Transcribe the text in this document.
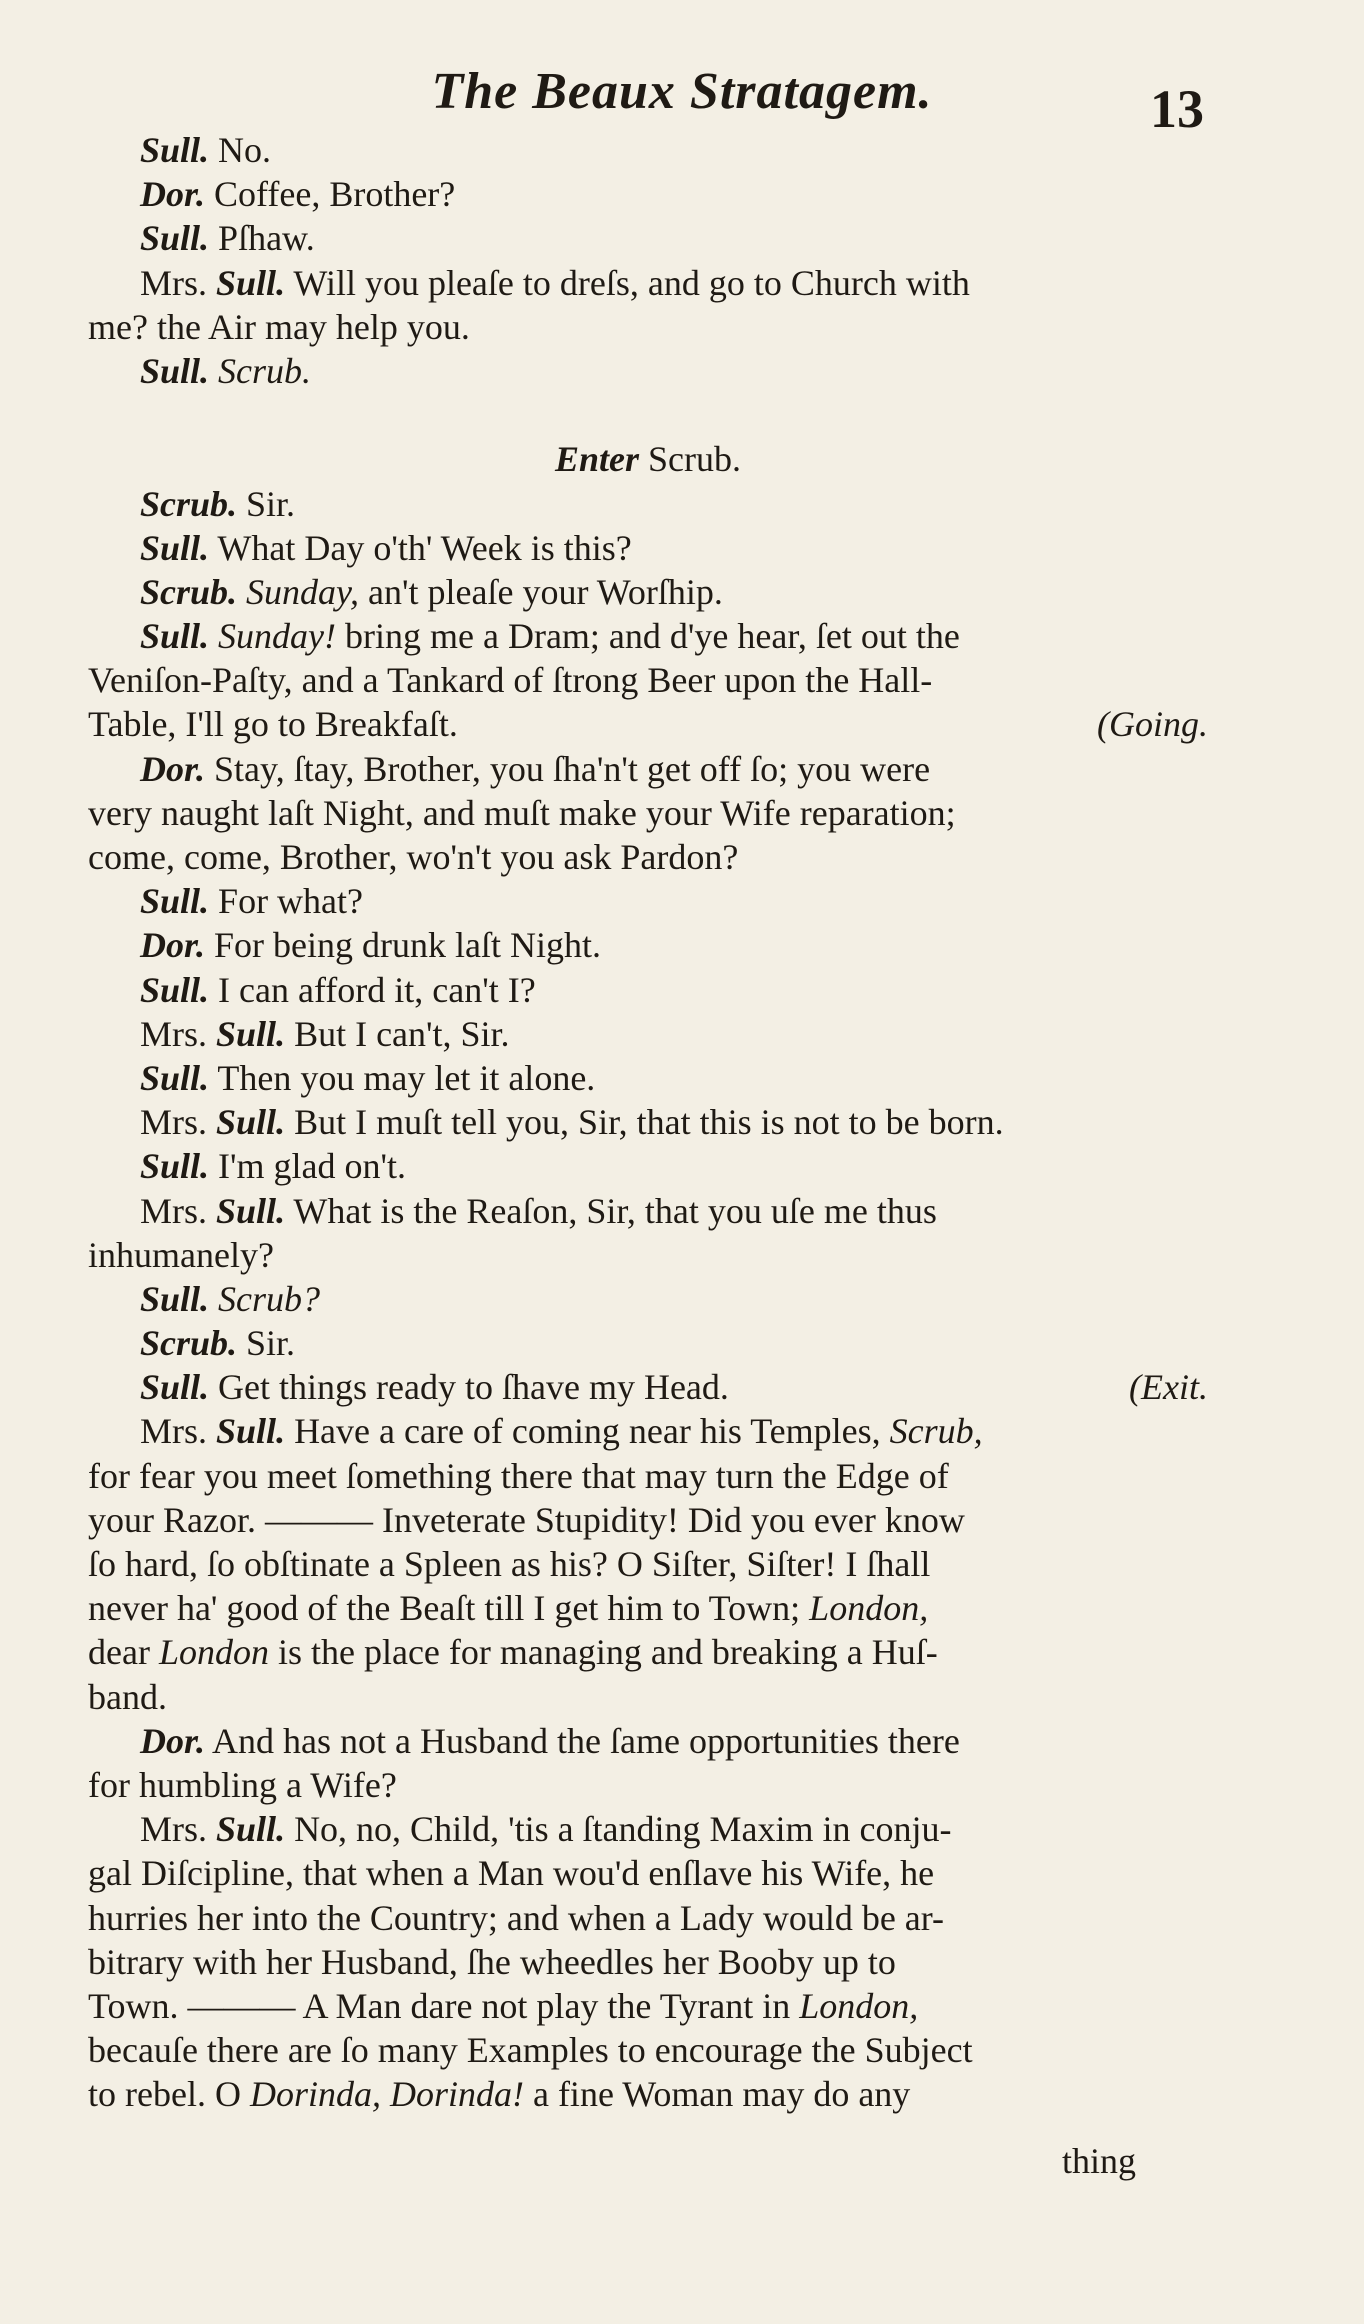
The Beaux Stratagem.	13
Sull. No.
Dor. Coffee, Brother?
Sull. Pſhaw.
Mrs. Sull. Will you pleaſe to dreſs, and go to Church with
me? the Air may help you.
Sull. Scrub.
Enter Scrub.
Scrub. Sir.
Sull. What Day o'th' Week is this?
Scrub. Sunday, an't pleaſe your Worſhip.
Sull. Sunday! bring me a Dram; and d'ye hear, ſet out the
Veniſon-Paſty, and a Tankard of ſtrong Beer upon the Hall-
(Going.
Table, I'll go to Breakfaſt.
Dor. Stay, ſtay, Brother, you ſha'n't get off ſo; you were
very naught laſt Night, and muſt make your Wife reparation;
come, come, Brother, wo'n't you ask Pardon?
Sull. For what?
Dor. For being drunk laſt Night.
Sull. I can afford it, can't I?
Mrs. Sull. But I can't, Sir.
Sull. Then you may let it alone.
Mrs. Sull. But I muſt tell you, Sir, that this is not to be born.
Sull. I'm glad on't.
Mrs. Sull. What is the Reaſon, Sir, that you uſe me thus
inhumanely?
Sull. Scrub?
Scrub. Sir.
(Exit.
Sull. Get things ready to ſhave my Head.
Mrs. Sull. Have a care of coming near his Temples, Scrub,
for fear you meet ſomething there that may turn the Edge of
your Razor. ——— Inveterate Stupidity! Did you ever know
ſo hard, ſo obſtinate a Spleen as his? O Siſter, Siſter! I ſhall
never ha' good of the Beaſt till I get him to Town; London,
dear London is the place for managing and breaking a Huſ-
band.
Dor. And has not a Husband the ſame opportunities there
for humbling a Wife?
Mrs. Sull. No, no, Child, 'tis a ſtanding Maxim in conju-
gal Diſcipline, that when a Man wou'd enſlave his Wife, he
hurries her into the Country; and when a Lady would be ar-
bitrary with her Husband, ſhe wheedles her Booby up to
Town. ——— A Man dare not play the Tyrant in London,
becauſe there are ſo many Examples to encourage the Subject
to rebel. O Dorinda, Dorinda! a fine Woman may do any
thing
